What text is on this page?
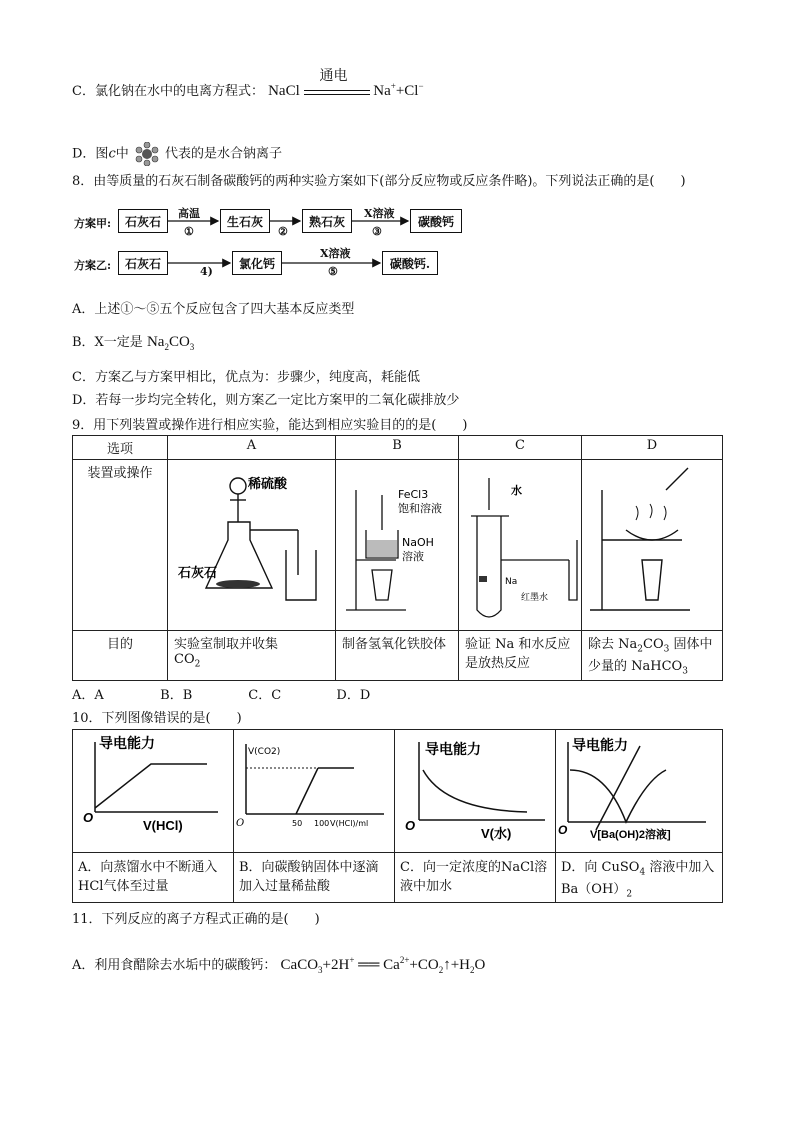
C．氯化钠在水中的电离方程式： NaCl
通电
Na++Cl−
D．图c中	代表的是水合钠离子
8．由等质量的石灰石制备碳酸钙的两种实验方案如下(部分反应物或反应条件略)。下列说法正确的是(　　)
方案甲:	石灰石	生石灰	熟石灰	碳酸钙
高温	X溶液
①	②	③
方案乙:	石灰石	氯化钙	碳酸钙.
X溶液
4)	⑤
A．上述①～⑤五个反应包含了四大基本反应类型
B．X一定是 $Na_2CO_3$
C．方案乙与方案甲相比，优点为：步骤少，纯度高，耗能低
D．若每一步均完全转化，则方案乙一定比方案甲的二氧化碳排放少
9．用下列装置或操作进行相应实验，能达到相应实验目的的是(　　)
选项	A	B	C	D
装置或操作	稀硫酸
石灰石	FeCl3
饱和溶液
NaOH
溶液	水
Na
红墨水

目的	实验室制取并收集
$CO_2$	制备氢氧化铁胶体	验证 Na 和水反应是放热反应	除去 $Na_2CO_3$ 固体中少量的 NaHCO$_3$
A．A	B．B	C．C	D．D
10．下列图像错误的是(　　)
导电能力
O
V(HCl)	V(CO2)
50 100 V(HCl)/ml
O	导电能力
O
V(水)	导电能力
O V[Ba(OH)2溶液]

A．向蒸馏水中不断通入HCl气体至过量	B．向碳酸钠固体中逐滴加入过量稀盐酸	C．向一定浓度的NaCl溶液中加水	D．向 CuSO$_4$ 溶液中加入 $Ba(OH)_2$
11．下列反应的离子方程式正确的是(　　)
A．利用食醋除去水垢中的碳酸钙： CaCO$_3$+2H+ ══ $Ca^{2+}+CO_2↑+H_2O$
